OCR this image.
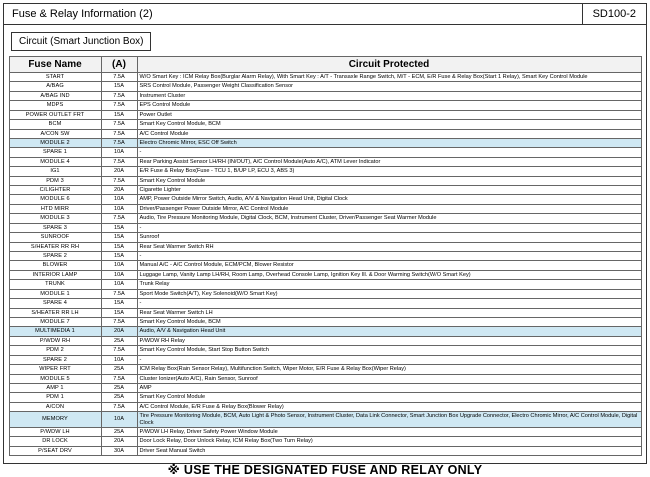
Fuse & Relay Information (2)	SD100-2
Circuit (Smart Junction Box)
Fuse Name	(A)	Circuit Protected
START	7.5A	W/O Smart Key : ICM Relay Box(Burglar Alarm Relay), With Smart Key : A/T - Transaxle Range Switch, M/T - ECM, E/R Fuse & Relay Box(Start 1 Relay), Smart Key Control Module
A/BAG	15A	SRS Control Module, Passenger Weight Classification Sensor
A/BAG IND	7.5A	Instrument Cluster
MDPS	7.5A	EPS Control Module
POWER OUTLET FRT	15A	Power Outlet
BCM	7.5A	Smart Key Control Module, BCM
A/CON SW	7.5A	A/C Control Module
MODULE 2	7.5A	Electro Chromic Mirror, ESC Off Switch
SPARE 1	10A	-
MODULE 4	7.5A	Rear Parking Assist Sensor LH/RH (IN/OUT), A/C Control Module(Auto A/C), ATM Lever Indicator
IG1	20A	E/R Fuse & Relay Box(Fuse - TCU 1, B/UP LP, ECU 3, ABS 3)
PDM 3	7.5A	Smart Key Control Module
C/LIGHTER	20A	Cigarette Lighter
MODULE 6	10A	AMP, Power Outside Mirror Switch, Audio, A/V & Navigation Head Unit, Digital Clock
HTD MIRR	10A	Driver/Passenger Power Outside Mirror, A/C Control Module
MODULE 3	7.5A	Audio, Tire Pressure Monitoring Module, Digital Clock, BCM, Instrument Cluster, Driver/Passenger Seat Warmer Module
SPARE 3	15A	-
SUNROOF	15A	Sunroof
S/HEATER RR RH	15A	Rear Seat Warmer Switch RH
SPARE 2	15A	-
BLOWER	10A	Manual A/C - A/C Control Module, ECM/PCM, Blower Resistor
INTERIOR LAMP	10A	Luggage Lamp, Vanity Lamp LH/RH, Room Lamp, Overhead Console Lamp, Ignition Key Ill. & Door Warming Switch(W/O Smart Key)
TRUNK	10A	Trunk Relay
MODULE 1	7.5A	Sport Mode Switch(A/T), Key Solenoid(W/O Smart Key)
SPARE 4	15A	-
S/HEATER RR LH	15A	Rear Seat Warmer Switch LH
MODULE 7	7.5A	Smart Key Control Module, BCM
MULTIMEDIA 1	20A	Audio, A/V & Navigation Head Unit
P/WDW RH	25A	P/WDW RH Relay
PDM 2	7.5A	Smart Key Control Module, Start Stop Button Switch
SPARE 2	10A	-
WIPER FRT	25A	ICM Relay Box(Rain Sensor Relay), Multifunction Switch, Wiper Motor, E/R Fuse & Relay Box(Wiper Relay)
MODULE 5	7.5A	Cluster Ionizer(Auto A/C), Rain Sensor, Sunroof
AMP 1	25A	AMP
PDM 1	25A	Smart Key Control Module
A/CON	7.5A	A/C Control Module, E/R Fuse & Relay Box(Blower Relay)
MEMORY	10A	Tire Pressure Monitoring Module, BCM, Auto Light & Photo Sensor, Instrument Cluster, Data Link Connector, Smart Junction Box Upgrade Connector, Electro Chromic Mirror, A/C Control Module, Digital Clock
P/WDW LH	25A	P/WDW LH Relay, Driver Safety Power Window Module
DR LOCK	20A	Door Lock Relay, Door Unlock Relay, ICM Relay Box(Two Turn Relay)
P/SEAT DRV	30A	Driver Seat Manual Switch
※ USE THE DESIGNATED FUSE AND RELAY ONLY
